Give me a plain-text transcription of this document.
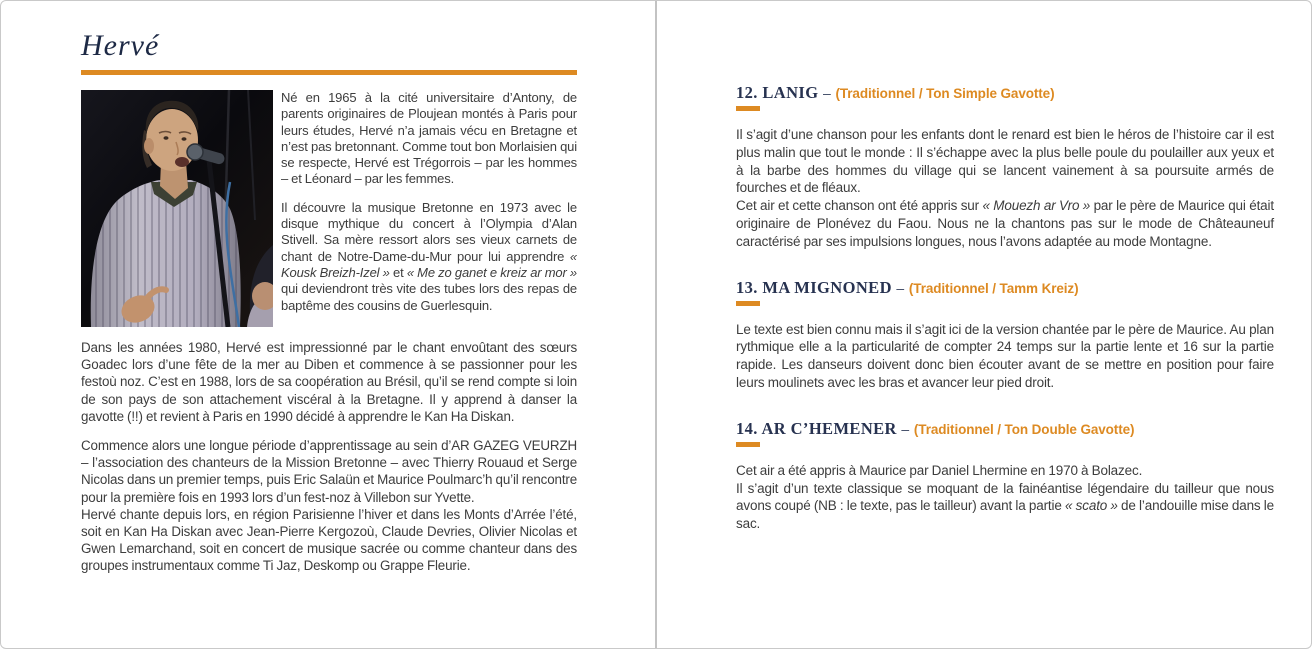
Hervé

Né en 1965 à la cité universitaire d’Antony, de parents originaires de Ploujean montés à Paris pour leurs études, Hervé n’a jamais vécu en Bretagne et n’est pas bretonnant. Comme tout bon Morlaisien qui se respecte, Hervé est Trégorrois – par les hommes – et Léonard – par les femmes.

Il découvre la musique Bretonne en 1973 avec le disque mythique du concert à l’Olympia d’Alan Stivell. Sa mère ressort alors ses vieux carnets de chant de Notre-Dame-du-Mur pour lui apprendre « Kousk Breizh-Izel » et « Me zo ganet e kreiz ar mor » qui deviendront très vite des tubes lors des repas de baptême des cousins de Guerlesquin.

Dans les années 1980, Hervé est impressionné par le chant envoûtant des sœurs Goadec lors d’une fête de la mer au Diben et commence à se passionner pour les festoù noz. C’est en 1988, lors de sa coopération au Brésil, qu’il se rend compte si loin de son pays de son attachement viscéral à la Bretagne. Il y apprend à danser la gavotte (!!) et revient à Paris en 1990 décidé à apprendre le Kan Ha Diskan.

Commence alors une longue période d’apprentissage au sein d’AR GAZEG VEURZH – l’association des chanteurs de la Mission Bretonne – avec Thierry Rouaud et Serge Nicolas dans un premier temps, puis Eric Salaün et Maurice Poulmarc’h qu’il rencontre pour la première fois en 1993 lors d’un fest-noz à Villebon sur Yvette.

Hervé chante depuis lors, en région Parisienne l’hiver et dans les Monts d’Arrée l’été, soit en Kan Ha Diskan avec Jean-Pierre Kergozoù, Claude Devries, Olivier Nicolas et Gwen Lemarchand, soit en concert de musique sacrée ou comme chanteur dans des groupes instrumentaux comme Ti Jaz, Deskomp ou Grappe Fleurie.

12. LANIG – (Traditionnel / Ton Simple Gavotte)

Il s’agit d’une chanson pour les enfants dont le renard est bien le héros de l’histoire car il est plus malin que tout le monde : Il s’échappe avec la plus belle poule du poulailler aux yeux et à la barbe des hommes du village qui se lancent vainement à sa poursuite armés de fourches et de fléaux.

Cet air et cette chanson ont été appris sur « Mouezh ar Vro » par le père de Maurice qui était originaire de Plonévez du Faou. Nous ne la chantons pas sur le mode de Châteauneuf caractérisé par ses impulsions longues, nous l’avons adaptée au mode Montagne.

13. MA MIGNONED – (Traditionnel / Tamm Kreiz)

Le texte est bien connu mais il s’agit ici de la version chantée par le père de Maurice. Au plan rythmique elle a la particularité de compter 24 temps sur la partie lente et 16 sur la partie rapide. Les danseurs doivent donc bien écouter avant de se mettre en position pour faire leurs moulinets avec les bras et avancer leur pied droit.

14. AR C’HEMENER – (Traditionnel / Ton Double Gavotte)

Cet air a été appris à Maurice par Daniel Lhermine en 1970 à Bolazec.

Il s’agit d’un texte classique se moquant de la fainéantise légendaire du tailleur que nous avons coupé (NB : le texte, pas le tailleur) avant la partie « scato » de l’andouille mise dans le sac.
